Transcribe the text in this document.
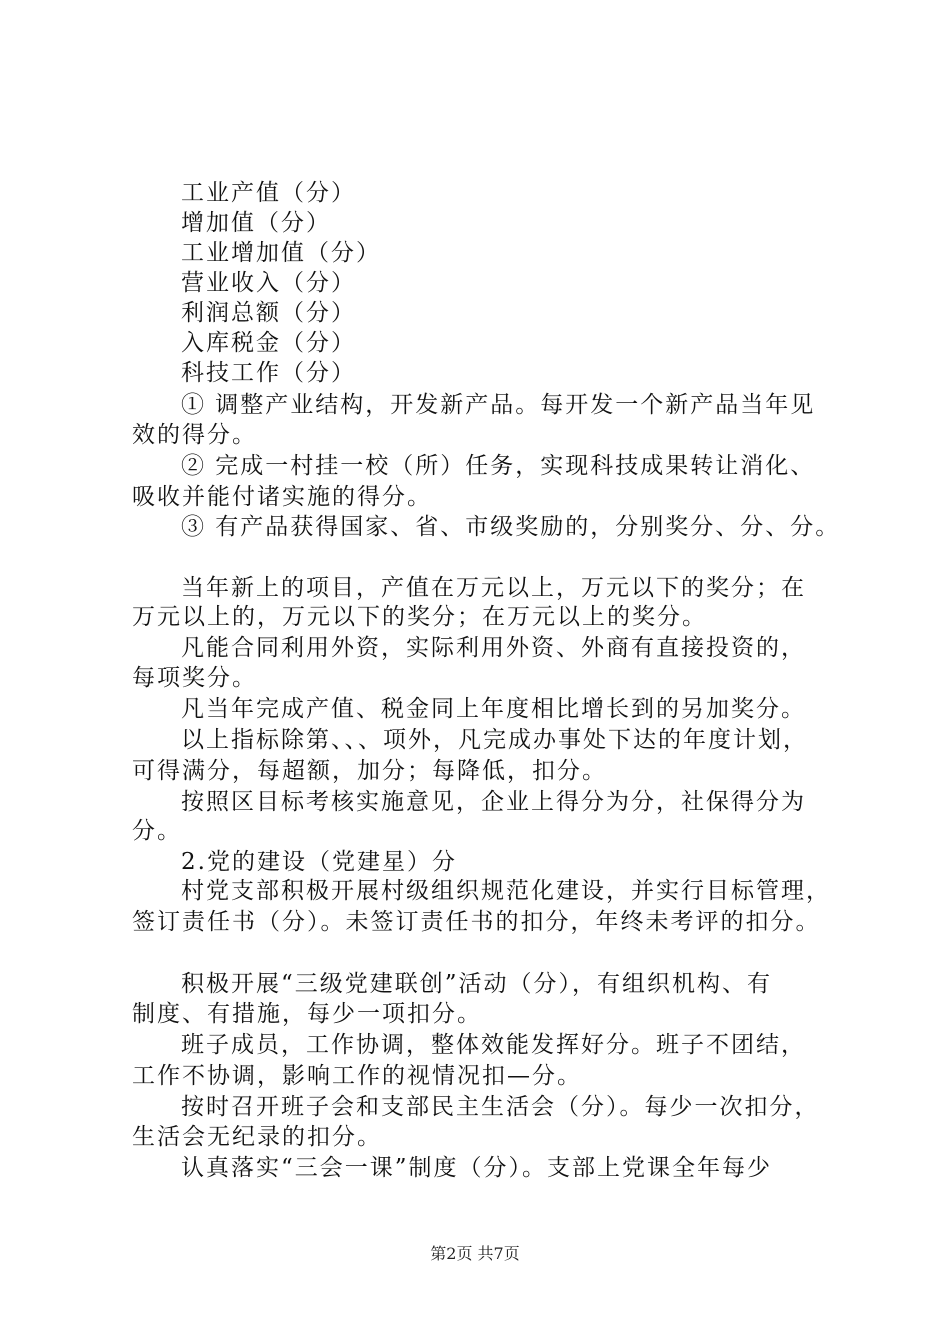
工业产值（分）
增加值（分）
工业增加值（分）
营业收入（分）
利润总额（分）
入库税金（分）
科技工作（分）
① 调整产业结构，开发新产品。每开发一个新产品当年见
效的得分。
② 完成一村挂一校（所）任务，实现科技成果转让消化、
吸收并能付诸实施的得分。
③ 有产品获得国家、省、市级奖励的，分别奖分、分、分。
当年新上的项目，产值在万元以上，万元以下的奖分；在
万元以上的，万元以下的奖分；在万元以上的奖分。
凡能合同利用外资，实际利用外资、外商有直接投资的，
每项奖分。
凡当年完成产值、税金同上年度相比增长到的另加奖分。
以上指标除第、、、项外，凡完成办事处下达的年度计划，
可得满分，每超额，加分；每降低，扣分。
按照区目标考核实施意见，企业上得分为分，社保得分为
分。
2.党的建设（党建星）分
村党支部积极开展村级组织规范化建设，并实行目标管理，
签订责任书（分）。未签订责任书的扣分，年终未考评的扣分。
积极开展“三级党建联创”活动（分），有组织机构、有
制度、有措施，每少一项扣分。
班子成员，工作协调，整体效能发挥好分。班子不团结，
工作不协调，影响工作的视情况扣—分。
按时召开班子会和支部民主生活会（分）。每少一次扣分，
生活会无纪录的扣分。
认真落实“三会一课”制度（分）。支部上党课全年每少
第2页 共7页
